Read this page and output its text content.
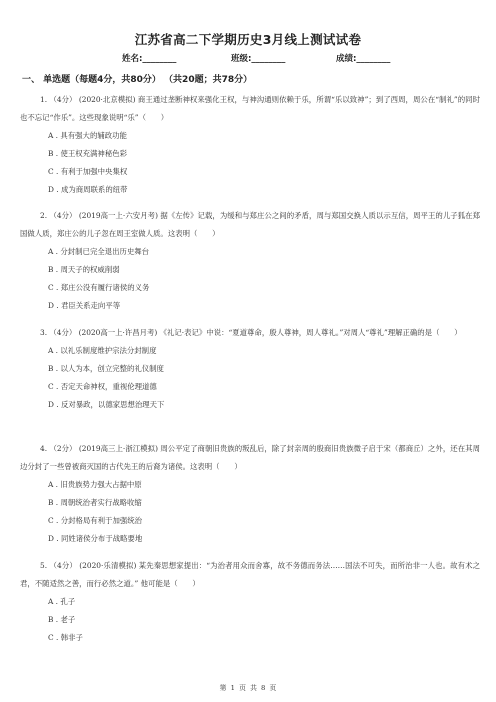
江苏省高二下学期历史3月线上测试试卷
姓名:________	班级:________	成绩:________
一、 单选题（每题4分，共80分） （共20题；共78分）
1. （4分） (2020·北京模拟) 商王通过垄断神权来强化王权，与神沟通则依赖于乐，所谓“乐以致神”；到了西周，周公在“制礼”的同时也不忘记“作乐”。这些现象说明“乐”（　　）
A . 具有强大的辅政功能
B . 使王权充满神秘色彩
C . 有利于加强中央集权
D . 成为商周联系的纽带
2. （4分） (2019高一上·六安月考) 据《左传》记载，为缓和与郑庄公之间的矛盾，周与郑国交换人质以示互信，周平王的儿子狐在郑国做人质，郑庄公的儿子忽在周王室做人质。这表明（　　）
A . 分封制已完全退出历史舞台
B . 周天子的权威削弱
C . 郑庄公没有履行诸侯的义务
D . 君臣关系走向平等
3. （4分） (2020高一上·许昌月考) 《礼记·表记》中说：“夏道尊命，殷人尊神，周人尊礼。”对周人“尊礼”理解正确的是（　　）
A . 以礼乐制度维护宗法分封制度
B . 以人为本，创立完整的礼仪制度
C . 否定天命神权，重视伦理道德
D . 反对暴政，以德家思想治理天下
4. （2分） (2019高三上·浙江模拟) 周公平定了商朝旧贵族的叛乱后，除了封亲周的殷商旧贵族微子启于宋（都商丘）之外，还在其周边分封了一些曾被商灭国的古代先王的后裔为诸侯。这表明（　　）
A . 旧贵族势力强大占据中原
B . 周朝统治者实行战略收缩
C . 分封格局有利于加强统治
D . 同姓诸侯分布于战略要地
5. （4分） (2020·乐清模拟) 某先秦思想家提出：“为治者用众而舍寡，故不务德而务法……国法不可失，而所治非一人也。故有术之君，不随适然之善，而行必然之道。” 他可能是（　　）
A . 孔子
B . 老子
C . 韩非子
第 1 页 共 8 页
